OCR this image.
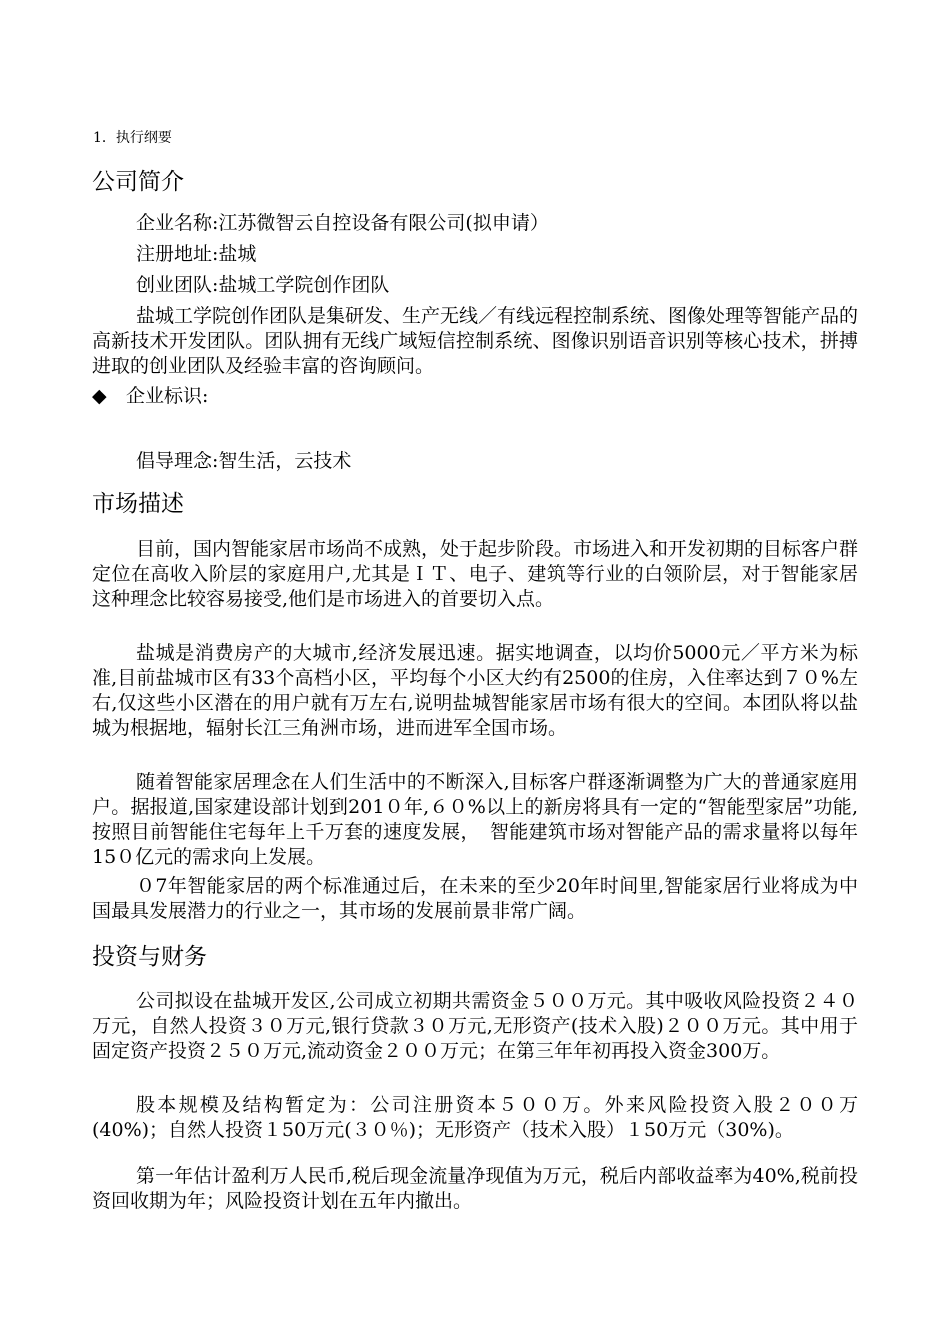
1．执行纲要
公司简介
企业名称:江苏微智云自控设备有限公司(拟申请）
注册地址:盐城
创业团队:盐城工学院创作团队
盐城工学院创作团队是集研发、生产无线／有线远程控制系统、图像处理等智能产品的高新技术开发团队。团队拥有无线广域短信控制系统、图像识别语音识别等核心技术，拼搏进取的创业团队及经验丰富的咨询顾问。
◆ 企业标识:
倡导理念:智生活，云技术
市场描述
目前，国内智能家居市场尚不成熟，处于起步阶段。市场进入和开发初期的目标客户群定位在高收入阶层的家庭用户,尤其是ＩＴ、电子、建筑等行业的白领阶层，对于智能家居这种理念比较容易接受,他们是市场进入的首要切入点。
盐城是消费房产的大城市,经济发展迅速。据实地调查，以均价5000元／平方米为标准,目前盐城市区有33个高档小区，平均每个小区大约有2500的住房，入住率达到７０%左右,仅这些小区潜在的用户就有万左右,说明盐城智能家居市场有很大的空间。本团队将以盐城为根据地，辐射长江三角洲市场，进而进军全国市场。
随着智能家居理念在人们生活中的不断深入,目标客户群逐渐调整为广大的普通家庭用户。据报道,国家建设部计划到201０年,６０%以上的新房将具有一定的“智能型家居”功能,按照目前智能住宅每年上千万套的速度发展，　智能建筑市场对智能产品的需求量将以每年15０亿元的需求向上发展。
０7年智能家居的两个标准通过后，在未来的至少20年时间里,智能家居行业将成为中国最具发展潜力的行业之一，其市场的发展前景非常广阔。
投资与财务
公司拟设在盐城开发区,公司成立初期共需资金５００万元。其中吸收风险投资２４０万元，自然人投资３０万元,银行贷款３０万元,无形资产(技术入股)２００万元。其中用于固定资产投资２５０万元,流动资金２００万元；在第三年年初再投入资金300万。
股本规模及结构暂定为：公司注册资本５００万。外来风险投资入股２００万(40%)；自然人投资１50万元(３０％)；无形资产（技术入股）１50万元（30%)。
第一年估计盈利万人民币,税后现金流量净现值为万元，税后内部收益率为40%,税前投资回收期为年；风险投资计划在五年内撤出。
